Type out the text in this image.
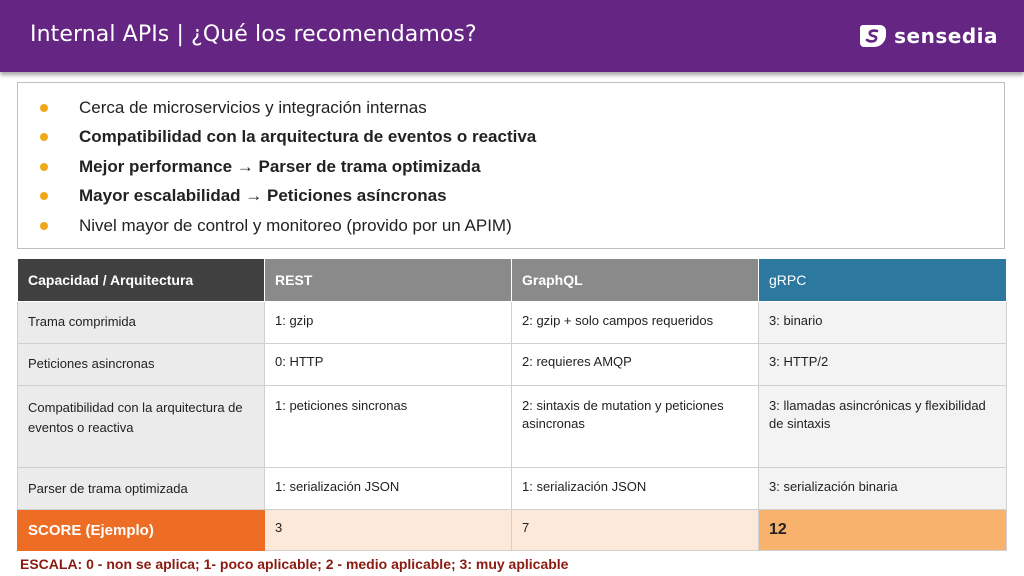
Internal APIs | ¿Qué los recomendamos?	sensedia
Cerca de microservicios y integración internas
Compatibilidad con la arquitectura de eventos o reactiva
Mejor performance → Parser de trama optimizada
Mayor escalabilidad → Peticiones asíncronas
Nivel mayor de control y monitoreo (provido por un APIM)
Capacidad / Arquitectura	REST	GraphQL	gRPC
Trama comprimida	1: gzip	2: gzip + solo campos requeridos	3: binario
Peticiones asincronas	0: HTTP	2: requieres AMQP	3: HTTP/2
Compatibilidad con la arquitectura de eventos o reactiva	1: peticiones sincronas	2: sintaxis de mutation y peticiones asincronas	3: llamadas asincrónicas y flexibilidad de sintaxis
Parser de trama optimizada	1: serialización JSON	1: serialización JSON	3: serialización binaria
SCORE (Ejemplo)	3	7	12
ESCALA: 0 - non se aplica; 1- poco aplicable; 2 - medio aplicable; 3: muy aplicable
